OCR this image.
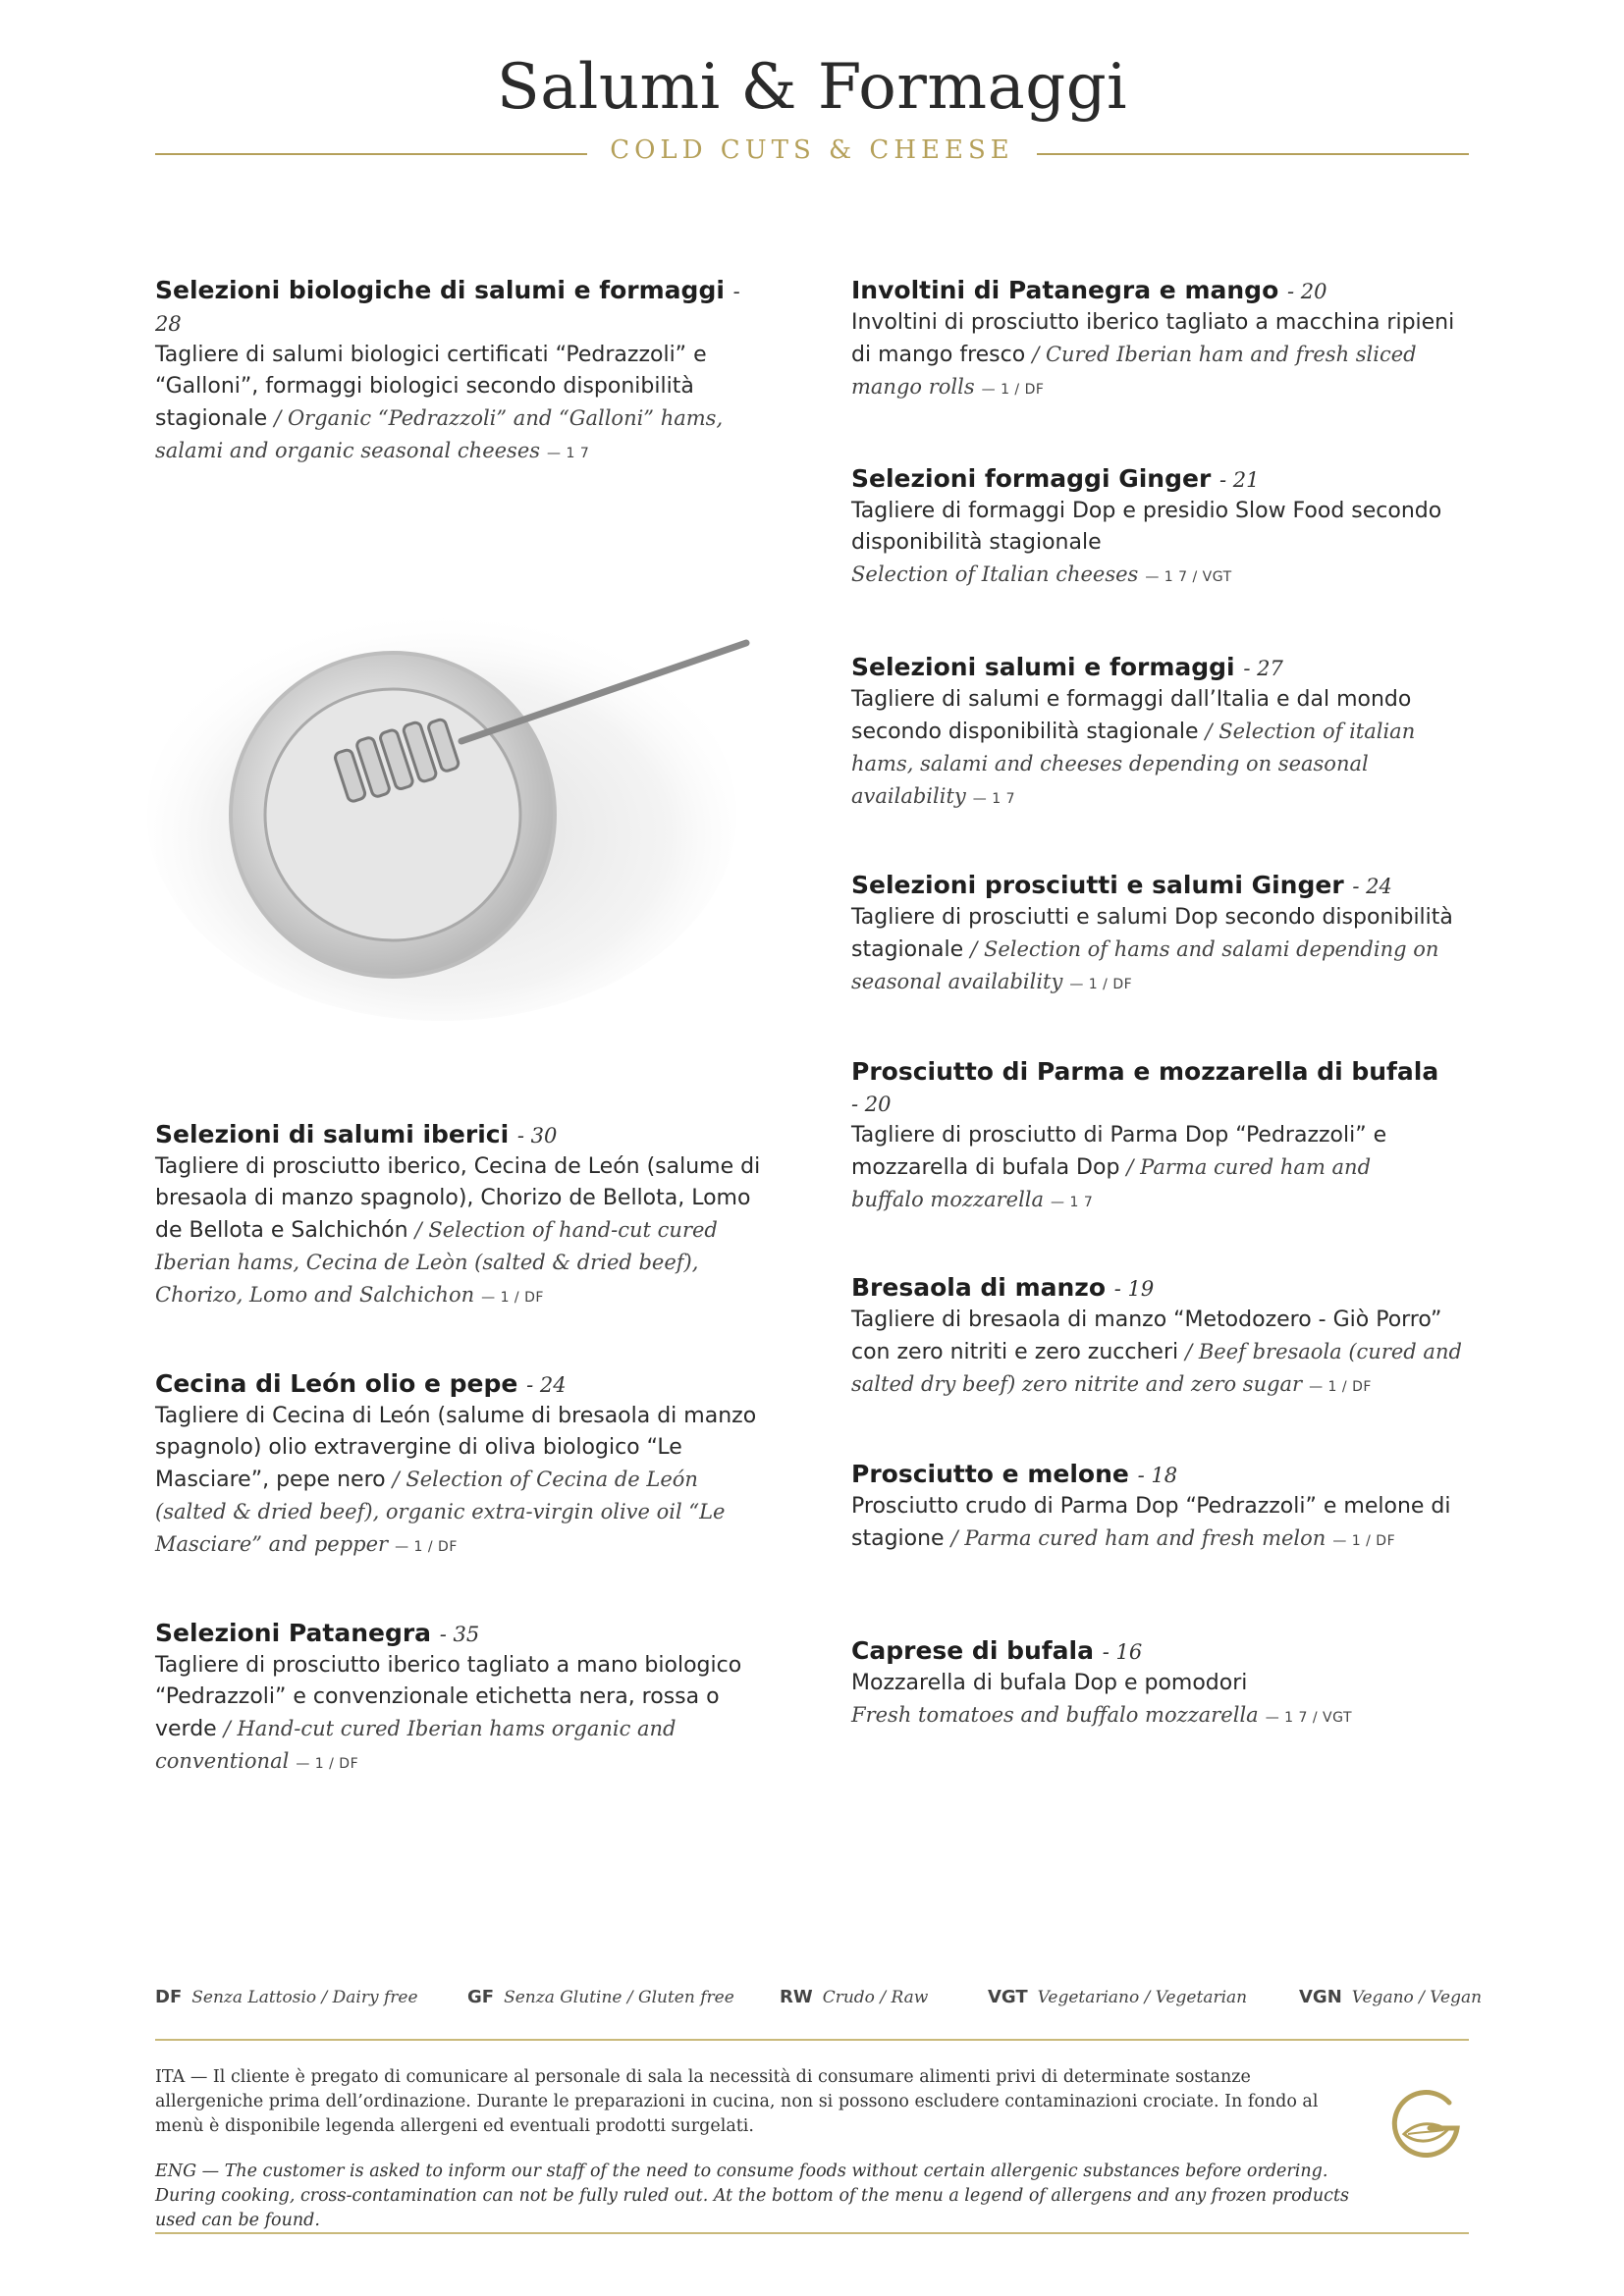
Salumi & Formaggi
COLD CUTS & CHEESE
Selezioni biologiche di salumi e formaggi - 28
Tagliere di salumi biologici certificati “Pedrazzoli” e “Galloni”, formaggi biologici secondo disponibilità stagionale / Organic “Pedrazzoli” and “Galloni” hams, salami and organic seasonal cheeses — 1 7
Involtini di Patanegra e mango - 20
Involtini di prosciutto iberico tagliato a macchina ripieni di mango fresco / Cured Iberian ham and fresh sliced mango rolls — 1 / DF
Selezioni formaggi Ginger - 21
Tagliere di formaggi Dop e presidio Slow Food secondo disponibilità stagionale
Selection of Italian cheeses — 1 7 / VGT
Selezioni salumi e formaggi - 27
Tagliere di salumi e formaggi dall’Italia e dal mondo secondo disponibilità stagionale / Selection of italian hams, salami and cheeses depending on seasonal availability — 1 7
Selezioni prosciutti e salumi Ginger - 24
Tagliere di prosciutti e salumi Dop secondo disponibilità stagionale / Selection of hams and salami depending on seasonal availability — 1 / DF
Prosciutto di Parma e mozzarella di bufala - 20
Tagliere di prosciutto di Parma Dop “Pedrazzoli” e mozzarella di bufala Dop / Parma cured ham and buffalo mozzarella — 1 7
Selezioni di salumi iberici - 30
Tagliere di prosciutto iberico, Cecina de León (salume di bresaola di manzo spagnolo), Chorizo de Bellota, Lomo de Bellota e Salchichón / Selection of hand-cut cured Iberian hams, Cecina de Leòn (salted & dried beef), Chorizo, Lomo and Salchichon — 1 / DF	Bresaola di manzo - 19
Tagliere di bresaola di manzo “Metodozero - Giò Porro” con zero nitriti e zero zuccheri / Beef bresaola (cured and salted dry beef) zero nitrite and zero sugar — 1 / DF
Cecina di León olio e pepe - 24
Tagliere di Cecina di León (salume di bresaola di manzo spagnolo) olio extravergine di oliva biologico “Le Masciare”, pepe nero / Selection of Cecina de León (salted & dried beef), organic extra-virgin olive oil “Le Masciare” and pepper — 1 / DF
Prosciutto e melone - 18
Prosciutto crudo di Parma Dop “Pedrazzoli” e melone di stagione / Parma cured ham and fresh melon — 1 / DF
Selezioni Patanegra - 35
Tagliere di prosciutto iberico tagliato a mano biologico “Pedrazzoli” e convenzionale etichetta nera, rossa o verde / Hand-cut cured Iberian hams organic and conventional — 1 / DF
Caprese di bufala - 16
Mozzarella di bufala Dop e pomodori
Fresh tomatoes and buffalo mozzarella — 1 7 / VGT
DF Senza Lattosio / Dairy free	GF Senza Glutine / Gluten free	RW Crudo / Raw	VGT Vegetariano / Vegetarian	VGN Vegano / Vegan
ITA — Il cliente è pregato di comunicare al personale di sala la necessità di consumare alimenti privi di determinate sostanze allergeniche prima dell’ordinazione. Durante le preparazioni in cucina, non si possono escludere contaminazioni crociate. In fondo al menù è disponibile legenda allergeni ed eventuali prodotti surgelati.
ENG — The customer is asked to inform our staff of the need to consume foods without certain allergenic substances before ordering. During cooking, cross-contamination can not be fully ruled out. At the bottom of the menu a legend of allergens and any frozen products used can be found.
